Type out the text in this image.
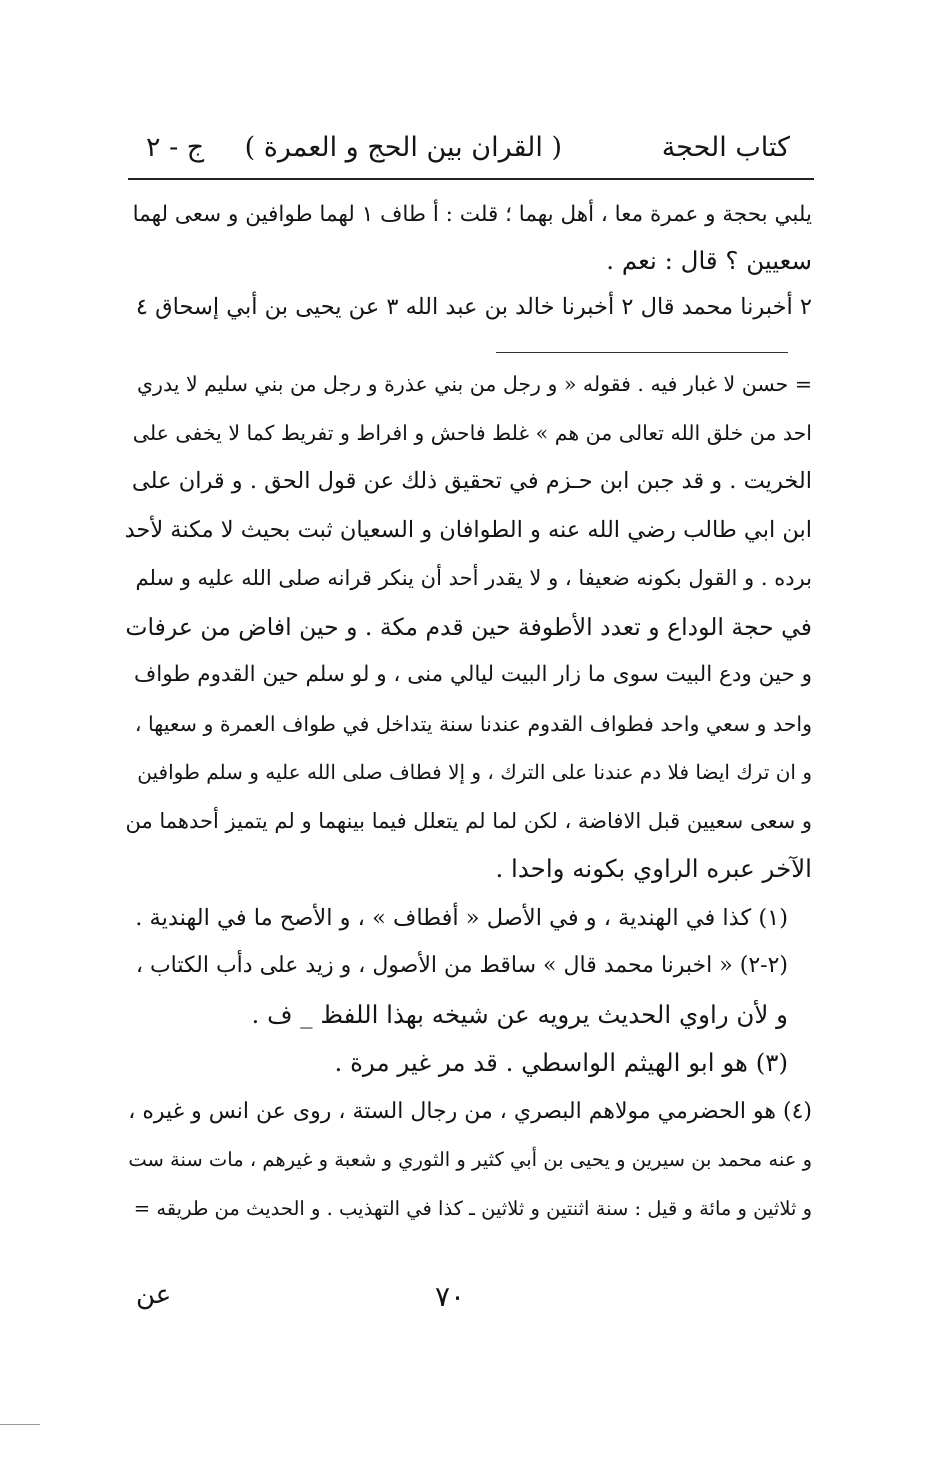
كتاب الحجة
( القران بين الحج و العمرة )
ج - ٢
يلبي بحجة و عمرة معا ، أهل بهما ؛ قلت : أ طاف ١ لهما طوافين و سعى لهما
سعيين ؟ قال : نعم .
٢ أخبرنا محمد قال ٢ أخبرنا خالد بن عبد الله ٣ عن يحيى بن أبي إسحاق ٤
= حسن لا غبار فيه . فقوله « و رجل من بني عذرة و رجل من بني سليم لا يدري
احد من خلق الله تعالى من هم » غلط فاحش و افراط و تفريط كما لا يخفى على
الخريت . و قد جبن ابن حـزم في تحقيق ذلك عن قول الحق . و قران على
ابن ابي طالب رضي الله عنه و الطوافان و السعيان ثبت بحيث لا مكنة لأحد
برده . و القول بكونه ضعيفا ، و لا يقدر أحد أن ينكر قرانه صلى الله عليه و سلم
في حجة الوداع و تعدد الأطوفة حين قدم مكة . و حين افاض من عرفات
و حين ودع البيت سوى ما زار البيت ليالي منى ، و لو سلم حين القدوم طواف
واحد و سعي واحد فطواف القدوم عندنا سنة يتداخل في طواف العمرة و سعيها ،
و ان ترك ايضا فلا دم عندنا على الترك ، و إلا فطاف صلى الله عليه و سلم طوافين
و سعى سعيين قبل الافاضة ، لكن لما لم يتعلل فيما بينهما و لم يتميز أحدهما من
الآخر عبره الراوي بكونه واحدا .
(١) كذا في الهندية ، و في الأصل « أفطاف » ، و الأصح ما في الهندية .
(٢-٢) « اخبرنا محمد قال » ساقط من الأصول ، و زيد على دأب الكتاب ،
و لأن راوي الحديث يرويه عن شيخه بهذا اللفظ _ ف .
(٣) هو ابو الهيثم الواسطي . قد مر غير مرة .
(٤) هو الحضرمي مولاهم البصري ، من رجال الستة ، روى عن انس و غيره ،
و عنه محمد بن سيرين و يحيى بن أبي كثير و الثوري و شعبة و غيرهم ، مات سنة ست
و ثلاثين و مائة و قيل : سنة اثنتين و ثلاثين ـ كذا في التهذيب . و الحديث من طريقه =
٧٠
عن
